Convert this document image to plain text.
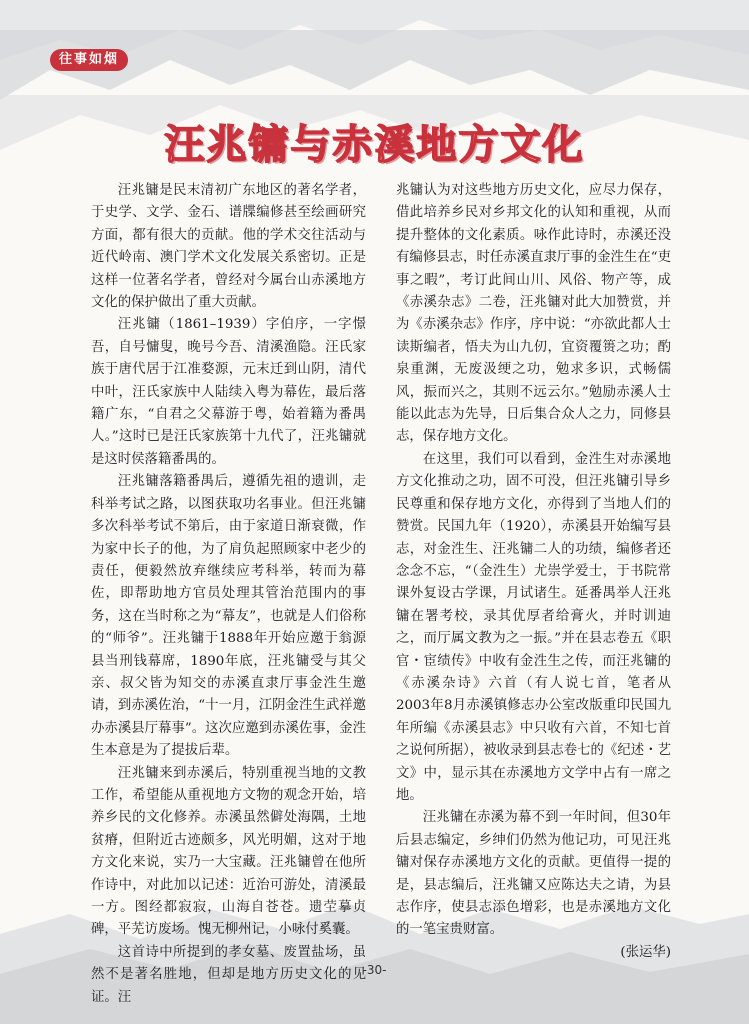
往事如烟
汪兆镛与赤溪地方文化

汪兆镛是民末清初广东地区的著名学者，于史学、文学、金石、谱牒编修甚至绘画研究方面，都有很大的贡献。他的学术交往活动与近代岭南、澳门学术文化发展关系密切。正是这样一位著名学者，曾经对今属台山赤溪地方文化的保护做出了重大贡献。

汪兆镛（1861–1939）字伯序，一字憬吾，自号慵叟，晚号今吾、清溪渔隐。汪氏家族于唐代居于江准婺源，元末迁到山阴，清代中叶，汪氏家族中人陆续入粤为幕佐，最后落籍广东，“自君之父幕游于粤，始着籍为番禺人。”这时已是汪氏家族第十九代了，汪兆镛就是这时侯落籍番禺的。

汪兆镛落籍番禺后，遵循先祖的遗训，走科举考试之路，以图获取功名事业。但汪兆镛多次科举考试不第后，由于家道日渐衰微，作为家中长子的他，为了肩负起照顾家中老少的责任，便毅然放弃继续应考科举，转而为幕佐，即帮助地方官员处理其管治范围内的事务，这在当时称之为“幕友”，也就是人们俗称的“师爷”。汪兆镛于1888年开始应邀于翁源县当刑钱幕席，1890年底，汪兆镛受与其父亲、叔父皆为知交的赤溪直隶厅事金泩生邀请，到赤溪佐治，“十一月，江阴金泩生武祥邀办赤溪县厅幕事”。这次应邀到赤溪佐事，金泩生本意是为了提拔后辈。

汪兆镛来到赤溪后，特别重视当地的文教工作，希望能从重视地方文物的观念开始，培养乡民的文化修养。赤溪虽然僻处海隅，土地贫瘠，但附近古迹颇多，风光明媚，这对于地方文化来说，实乃一大宝藏。汪兆镛曾在他所作诗中，对此加以记述：近治可游处，清溪最一方。图经都寂寂，山海自苍苍。遗茔摹贞碑，平芜访废场。愧无柳州记，小咏付奚囊。

这首诗中所提到的孝女墓、废置盐场，虽然不是著名胜地，但却是地方历史文化的见证。汪

兆镛认为对这些地方历史文化，应尽力保存，借此培养乡民对乡邦文化的认知和重视，从而提升整体的文化素质。咏作此诗时，赤溪还没有编修县志，时任赤溪直隶厅事的金泩生在“吏事之暇”，考订此间山川、风俗、物产等，成《赤溪杂志》二卷，汪兆镛对此大加赞赏，并为《赤溪杂志》作序，序中说：“亦欲此都人士读斯编者，悟夫为山九仞，宜资覆篑之功；酌泉重渊，无废汲绠之功，勉求多识，式畅儒风，振而兴之，其则不远云尔。”勉励赤溪人士能以此志为先导，日后集合众人之力，同修县志，保存地方文化。

在这里，我们可以看到，金泩生对赤溪地方文化推动之功，固不可没，但汪兆镛引导乡民尊重和保存地方文化，亦得到了当地人们的赞赏。民国九年（1920），赤溪县开始编写县志，对金泩生、汪兆镛二人的功绩，编修者还念念不忘，“（金泩生）尤崇学爱士，于书院常课外复设古学课，月试诸生。延番禺举人汪兆镛在署考校，录其优厚者给膏火，并时训迪之，而厅属文教为之一振。”并在县志卷五《职官・宦绩传》中收有金泩生之传，而汪兆镛的《赤溪杂诗》六首（有人说七首，笔者从2003年8月赤溪镇修志办公室改版重印民国九年所编《赤溪县志》中只收有六首，不知七首之说何所据），被收录到县志卷七的《纪述・艺文》中，显示其在赤溪地方文学中占有一席之地。

汪兆镛在赤溪为幕不到一年时间，但30年后县志编定，乡绅们仍然为他记功，可见汪兆镛对保存赤溪地方文化的贡献。更值得一提的是，县志编后，汪兆镛又应陈达夫之请，为县志作序，使县志添色增彩，也是赤溪地方文化的一笔宝贵财富。

(张运华)

-30-
